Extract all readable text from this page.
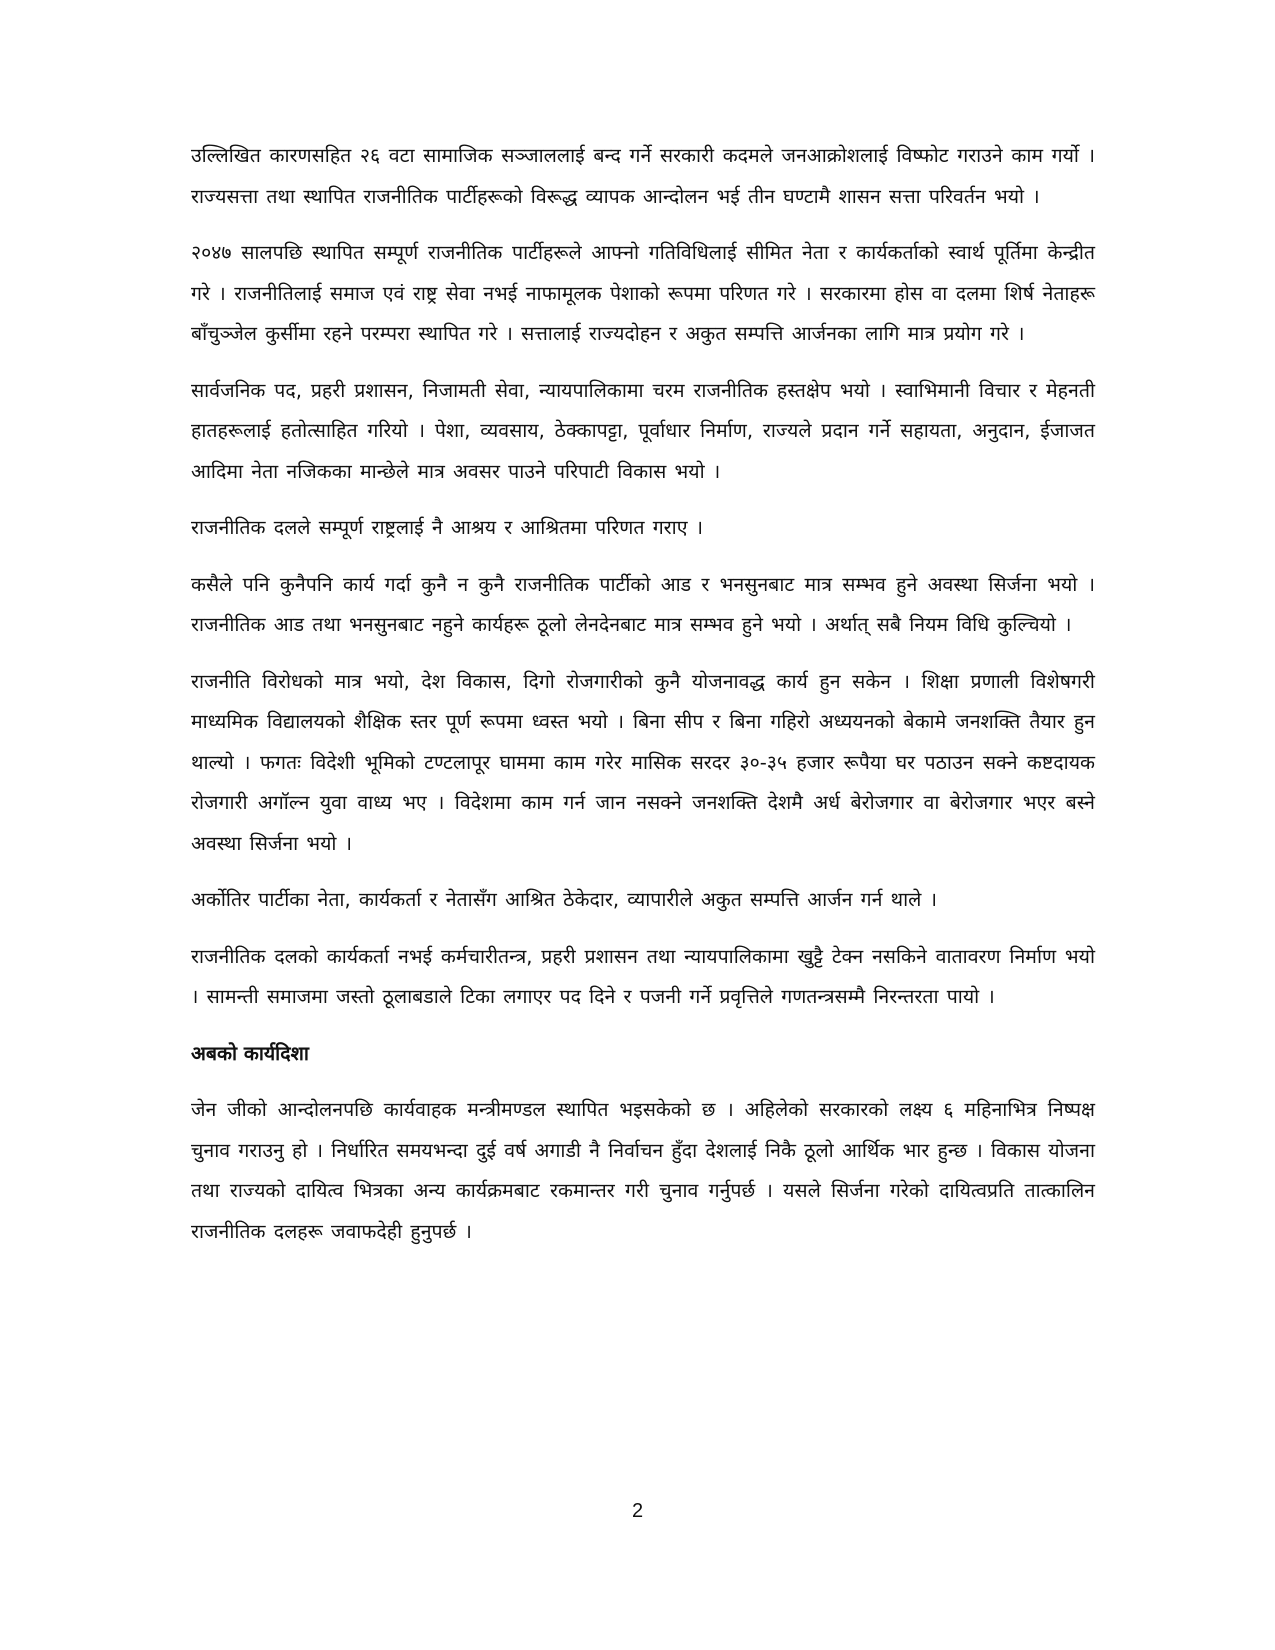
उल्लिखित कारणसहित २६ वटा सामाजिक सञ्जाललाई बन्द गर्ने सरकारी कदमले जनआक्रोशलाई विष्फोट गराउने काम गर्यो । राज्यसत्ता तथा स्थापित राजनीतिक पार्टीहरूको विरूद्ध व्यापक आन्दोलन भई तीन घण्टामै शासन सत्ता परिवर्तन भयो ।

२०४७ सालपछि स्थापित सम्पूर्ण राजनीतिक पार्टीहरूले आफ्नो गतिविधिलाई सीमित नेता र कार्यकर्ताको स्वार्थ पूर्तिमा केन्द्रीत गरे । राजनीतिलाई समाज एवं राष्ट्र सेवा नभई नाफामूलक पेशाको रूपमा परिणत गरे । सरकारमा होस वा दलमा शिर्ष नेताहरू बाँचुञ्जेल कुर्सीमा रहने परम्परा स्थापित गरे । सत्तालाई राज्यदोहन र अकुत सम्पत्ति आर्जनका लागि मात्र प्रयोग गरे ।

सार्वजनिक पद, प्रहरी प्रशासन, निजामती सेवा, न्यायपालिकामा चरम राजनीतिक हस्तक्षेप भयो । स्वाभिमानी विचार र मेहनती हातहरूलाई हतोत्साहित गरियो । पेशा, व्यवसाय, ठेक्कापट्टा, पूर्वाधार निर्माण, राज्यले प्रदान गर्ने सहायता, अनुदान, ईजाजत आदिमा नेता नजिकका मान्छेले मात्र अवसर पाउने परिपाटी विकास भयो ।

राजनीतिक दलले सम्पूर्ण राष्ट्रलाई नै आश्रय र आश्रितमा परिणत गराए ।

कसैले पनि कुनैपनि कार्य गर्दा कुनै न कुनै राजनीतिक पार्टीको आड र भनसुनबाट मात्र सम्भव हुने अवस्था सिर्जना भयो । राजनीतिक आड तथा भनसुनबाट नहुने कार्यहरू ठूलो लेनदेनबाट मात्र सम्भव हुने भयो । अर्थात् सबै नियम विधि कुल्चियो ।

राजनीति विरोधको मात्र भयो, देश विकास, दिगो रोजगारीको कुनै योजनावद्ध कार्य हुन सकेन । शिक्षा प्रणाली विशेषगरी माध्यमिक विद्यालयको शैक्षिक स्तर पूर्ण रूपमा ध्वस्त भयो । बिना सीप र बिना गहिरो अध्ययनको बेकामे जनशक्ति तैयार हुन थाल्यो । फगतः विदेशी भूमिको टण्टलापूर घाममा काम गरेर मासिक सरदर ३०-३५ हजार रूपैया घर पठाउन सक्ने कष्टदायक रोजगारी अगॉल्न युवा वाध्य भए । विदेशमा काम गर्न जान नसक्ने जनशक्ति देशमै अर्ध बेरोजगार वा बेरोजगार भएर बस्ने अवस्था सिर्जना भयो ।

अर्कोतिर पार्टीका नेता, कार्यकर्ता र नेतासँग आश्रित ठेकेदार, व्यापारीले अकुत सम्पत्ति आर्जन गर्न थाले ।

राजनीतिक दलको कार्यकर्ता नभई कर्मचारीतन्त्र, प्रहरी प्रशासन तथा न्यायपालिकामा खुट्टै टेक्न नसकिने वातावरण निर्माण भयो । सामन्ती समाजमा जस्तो ठूलाबडाले टिका लगाएर पद दिने र पजनी गर्ने प्रवृत्तिले गणतन्त्रसम्मै निरन्तरता पायो ।

अबको कार्यदिशा

जेन जीको आन्दोलनपछि कार्यवाहक मन्त्रीमण्डल स्थापित भइसकेको छ । अहिलेको सरकारको लक्ष्य ६ महिनाभित्र निष्पक्ष चुनाव गराउनु हो । निर्धारित समयभन्दा दुई वर्ष अगाडी नै निर्वाचन हुँदा देशलाई निकै ठूलो आर्थिक भार हुन्छ । विकास योजना तथा राज्यको दायित्व भित्रका अन्य कार्यक्रमबाट रकमान्तर गरी चुनाव गर्नुपर्छ । यसले सिर्जना गरेको दायित्वप्रति तात्कालिन राजनीतिक दलहरू जवाफदेही हुनुपर्छ ।

2
